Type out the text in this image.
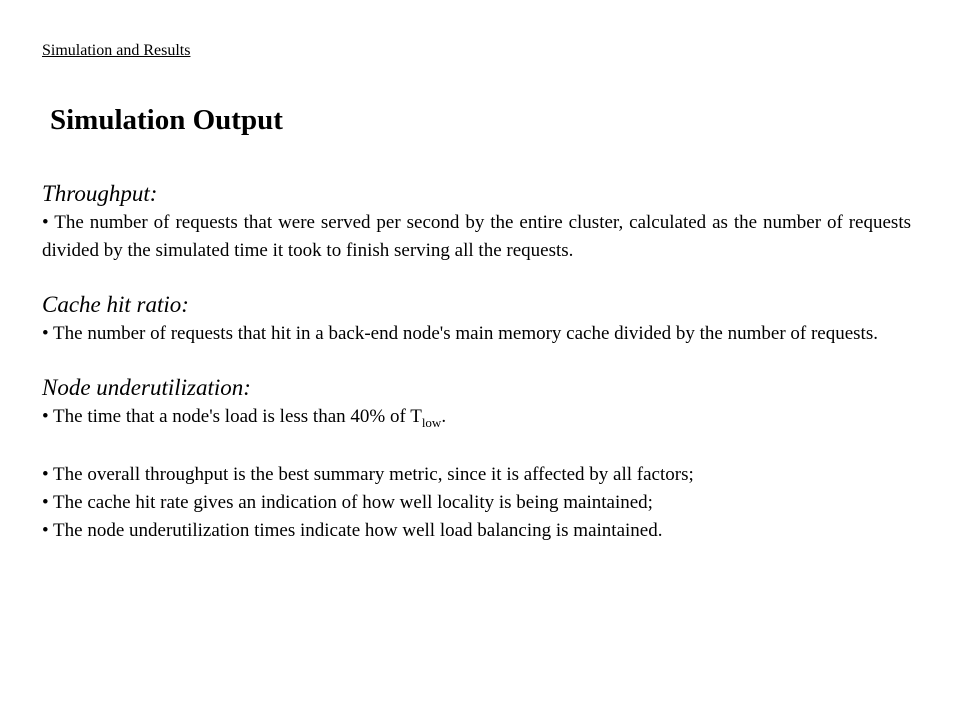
Simulation and Results
Simulation Output

Throughput:

• The number of requests that were served per second by the entire cluster, calculated as the number of requests divided by the simulated time it took to finish serving all the requests.

Cache hit ratio:

• The number of requests that hit in a back-end node's main memory cache divided by the number of requests.

Node underutilization:

• The time that a node's load is less than 40% of $T_{low}$.

• The overall throughput is the best summary metric, since it is affected by all factors;

• The cache hit rate gives an indication of how well locality is being maintained;

• The node underutilization times indicate how well load balancing is maintained.
